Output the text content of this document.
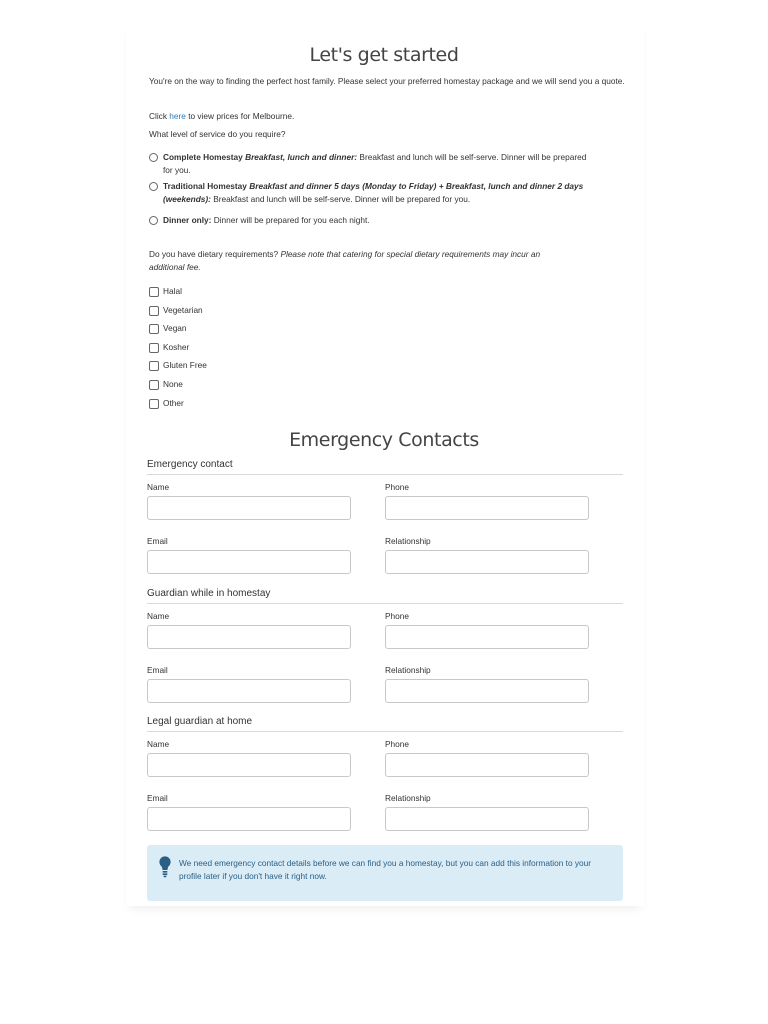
Let's get started
You're on the way to finding the perfect host family. Please select your preferred homestay package and we will send you a quote.
Click here to view prices for Melbourne.
What level of service do you require?
Complete Homestay Breakfast, lunch and dinner: Breakfast and lunch will be self-serve. Dinner will be prepared for you.
Traditional Homestay Breakfast and dinner 5 days (Monday to Friday) + Breakfast, lunch and dinner 2 days (weekends): Breakfast and lunch will be self-serve. Dinner will be prepared for you.
Dinner only: Dinner will be prepared for you each night.
Do you have dietary requirements? Please note that catering for special dietary requirements may incur an additional fee.
Halal
Vegetarian
Vegan
Kosher
Gluten Free
None
Other
Emergency Contacts
Emergency contact
Name	Phone
Email	Relationship
Guardian while in homestay
Name	Phone
Email	Relationship
Legal guardian at home
Name	Phone
Email	Relationship
We need emergency contact details before we can find you a homestay, but you can add this information to your profile later if you don't have it right now.
